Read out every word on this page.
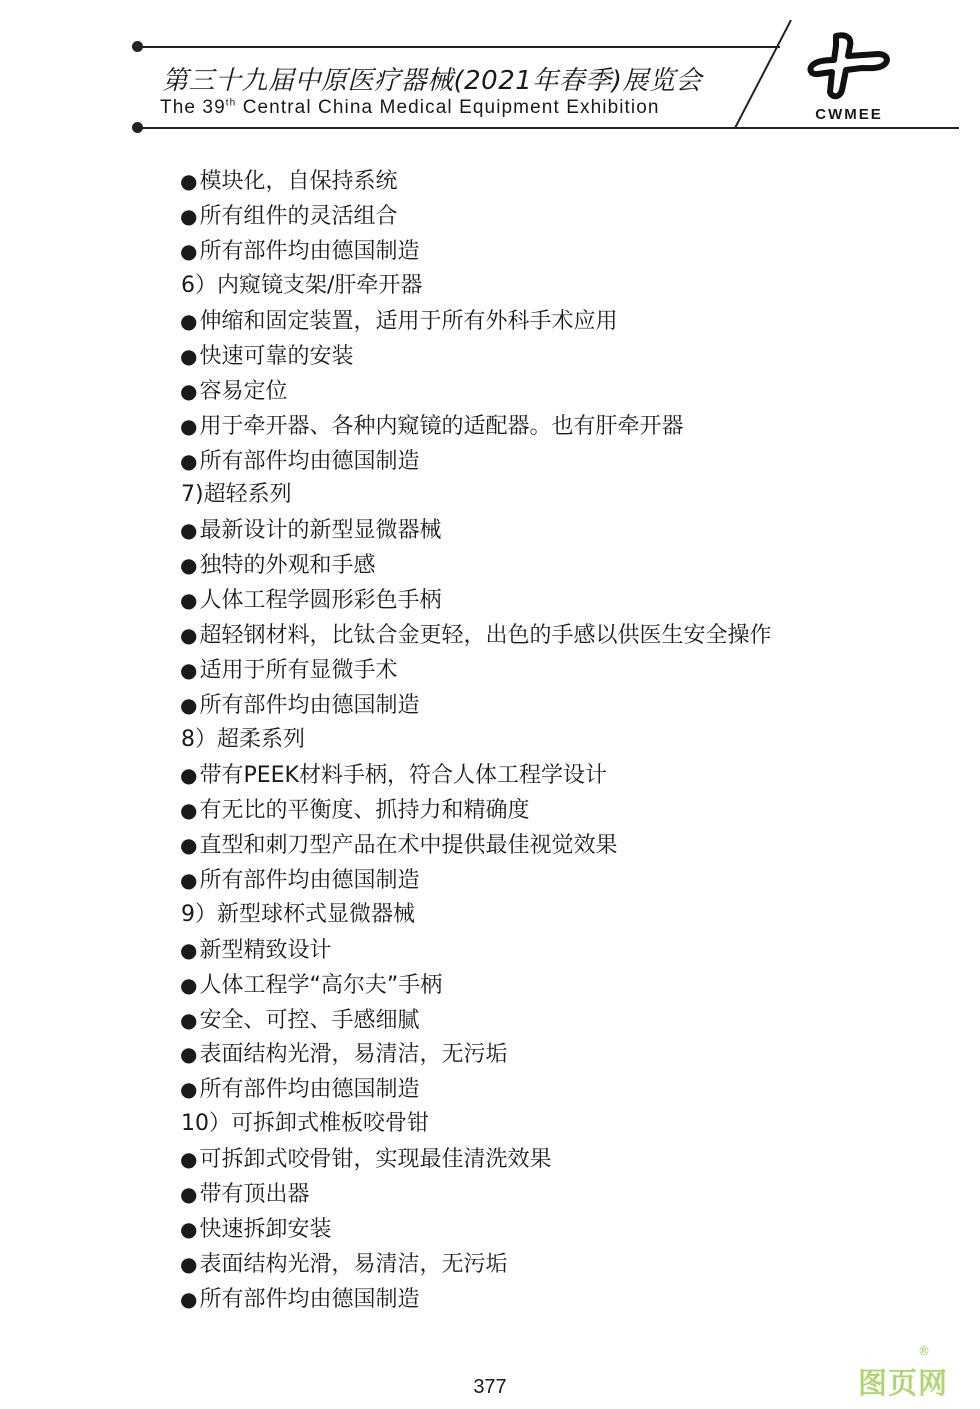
第三十九届中原医疗器械(2021年春季)展览会
The 39th Central China Medical Equipment Exhibition	CWMEE
● 模块化，自保持系统
● 所有组件的灵活组合
● 所有部件均由德国制造
6）内窥镜支架/肝牵开器
● 伸缩和固定装置，适用于所有外科手术应用
● 快速可靠的安装
● 容易定位
● 用于牵开器、各种内窥镜的适配器。也有肝牵开器
● 所有部件均由德国制造
7)超轻系列
● 最新设计的新型显微器械
● 独特的外观和手感
● 人体工程学圆形彩色手柄
● 超轻钢材料，比钛合金更轻，出色的手感以供医生安全操作
● 适用于所有显微手术
● 所有部件均由德国制造
8）超柔系列
● 带有PEEK材料手柄，符合人体工程学设计
● 有无比的平衡度、抓持力和精确度
● 直型和刺刀型产品在术中提供最佳视觉效果
● 所有部件均由德国制造
9）新型球杯式显微器械
● 新型精致设计
● 人体工程学“高尔夫”手柄
● 安全、可控、手感细腻
● 表面结构光滑，易清洁，无污垢
● 所有部件均由德国制造
10）可拆卸式椎板咬骨钳
● 可拆卸式咬骨钳，实现最佳清洗效果
● 带有顶出器
● 快速拆卸安装
● 表面结构光滑，易清洁，无污垢
● 所有部件均由德国制造
377	图页网
®
